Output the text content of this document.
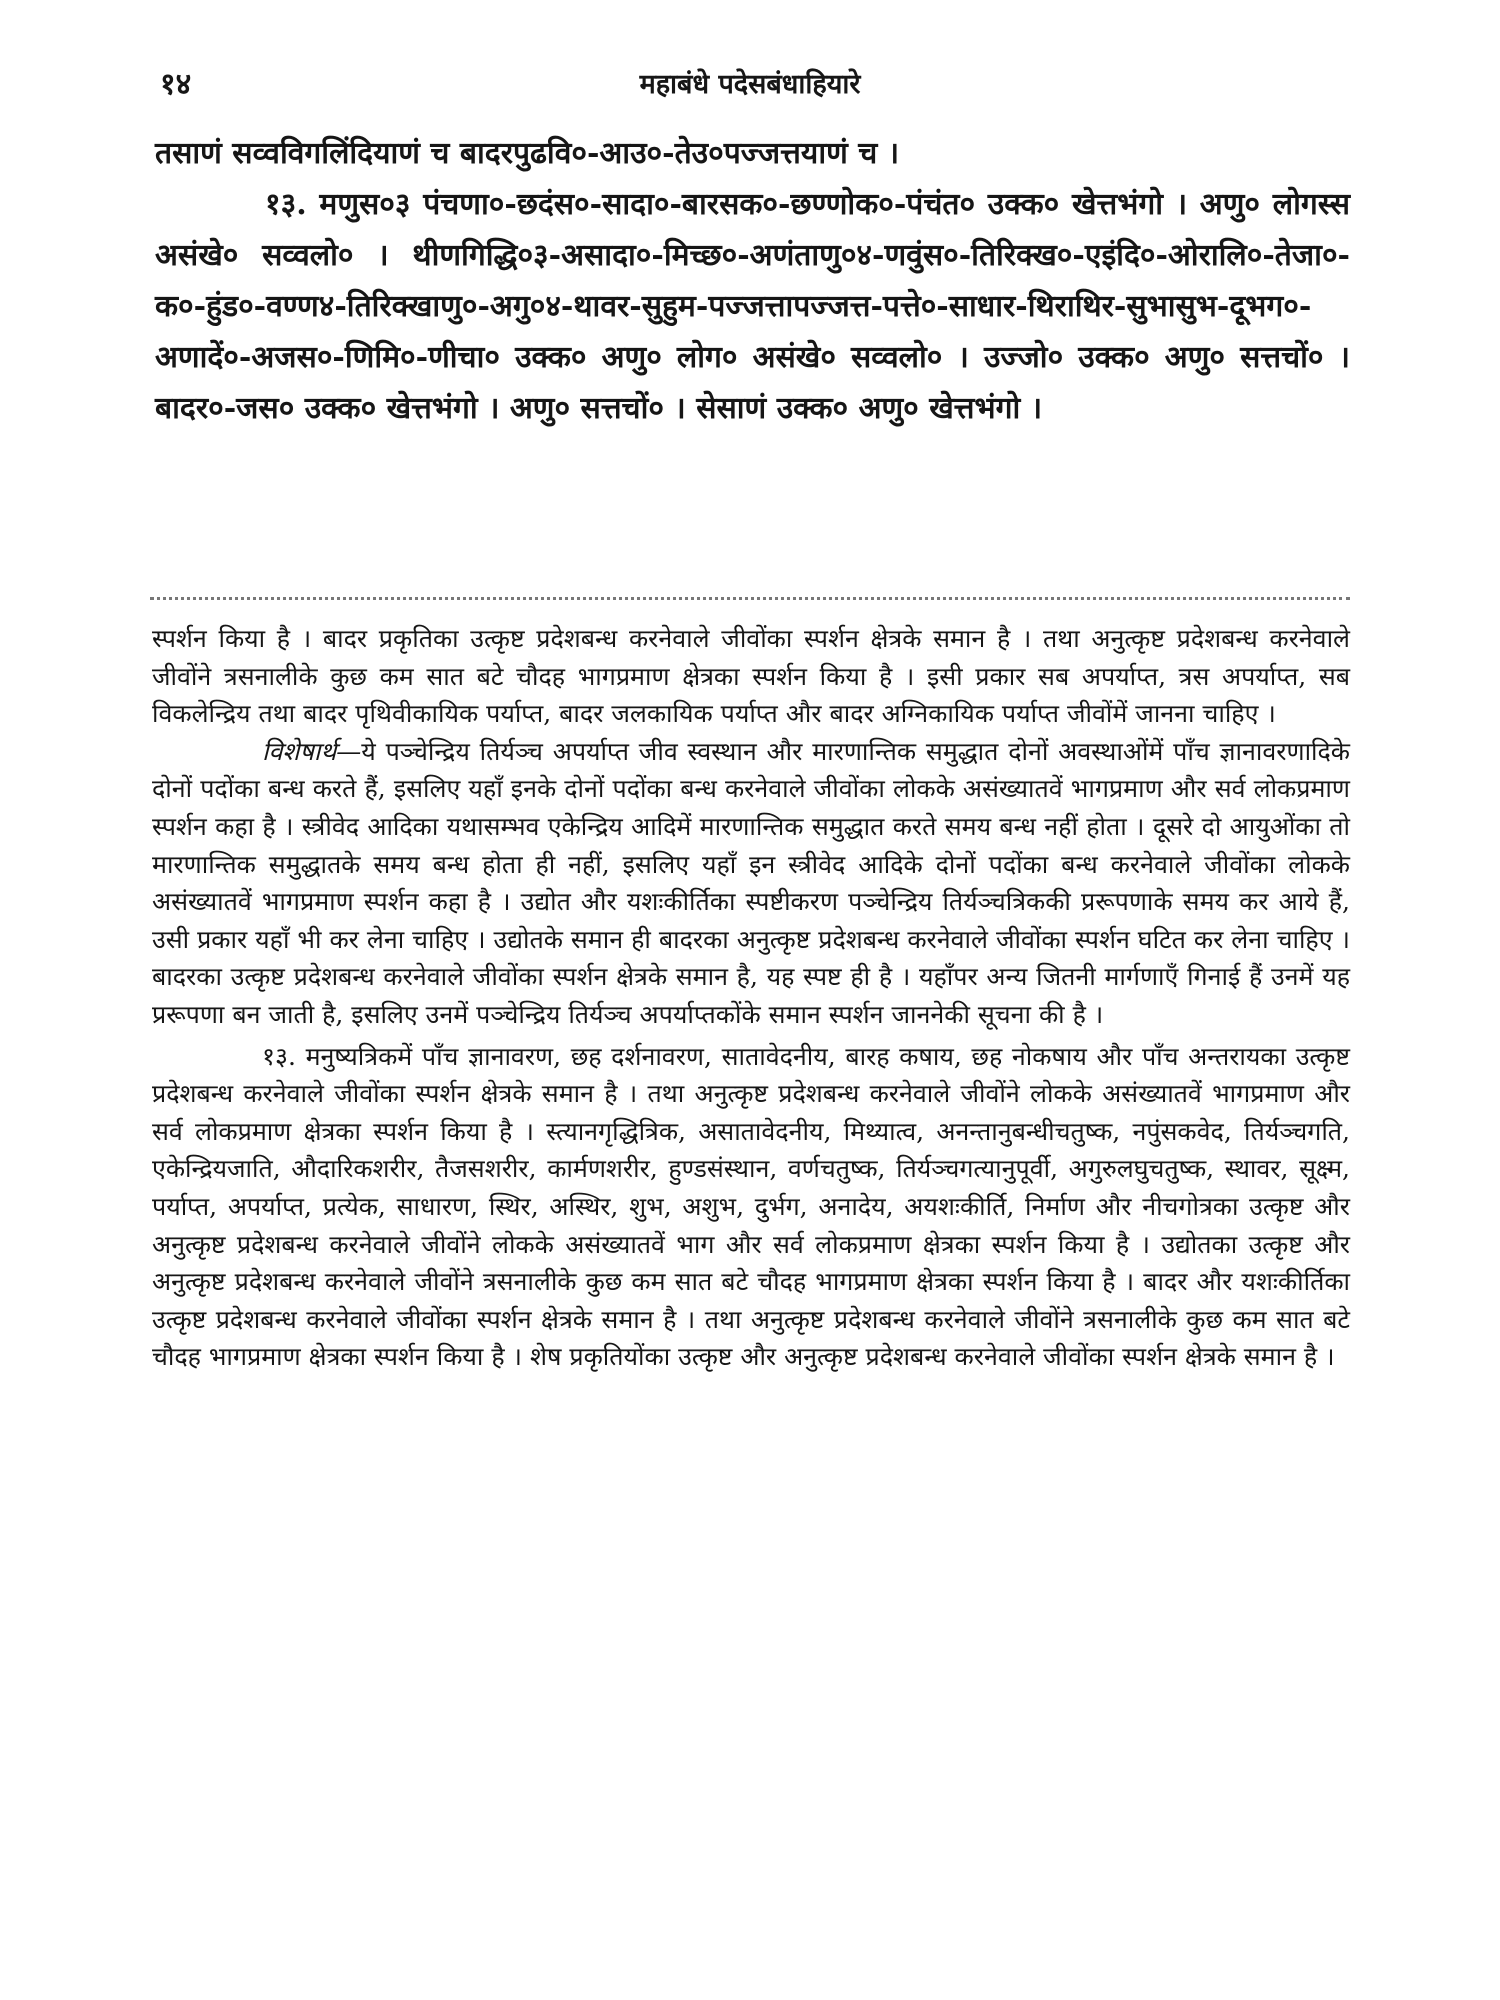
१४	महाबंधे पदेसबंधाहियारे

तसाणं सव्वविगलिंदियाणं च बादरपुढवि०-आउ०-तेउ०पज्जत्तयाणं च ।

१३. मणुस०३ पंचणा०-छदंस०-सादा०-बारसक०-छण्णोक०-पंचंत० उक्क० खेत्तभंगो । अणु० लोगस्स असंखे० सव्वलो० । थीणगिद्धि०३-असादा०-मिच्छ०-अणंताणु०४-णवुंस०-तिरिक्ख०-एइंदि०-ओरालि०-तेजा०-क०-हुंड०-वण्ण४-तिरिक्खाणु०-अगु०४-थावर-सुहुम-पज्जत्तापज्जत्त-पत्ते०-साधार-थिराथिर-सुभासुभ-दूभग०-अणादें०-अजस०-णिमि०-णीचा० उक्क० अणु० लोग० असंखे० सव्वलो० । उज्जो० उक्क० अणु० सत्तचों० । बादर०-जस० उक्क० खेत्तभंगो । अणु० सत्तचों० । सेसाणं उक्क० अणु० खेत्तभंगो ।

स्पर्शन किया है । बादर प्रकृतिका उत्कृष्ट प्रदेशबन्ध करनेवाले जीवोंका स्पर्शन क्षेत्रके समान है । तथा अनुत्कृष्ट प्रदेशबन्ध करनेवाले जीवोंने त्रसनालीके कुछ कम सात बटे चौदह भागप्रमाण क्षेत्रका स्पर्शन किया है । इसी प्रकार सब अपर्याप्त, त्रस अपर्याप्त, सब विकलेन्द्रिय तथा बादर पृथिवीकायिक पर्याप्त, बादर जलकायिक पर्याप्त और बादर अग्निकायिक पर्याप्त जीवोंमें जानना चाहिए ।

विशेषार्थ—ये पञ्चेन्द्रिय तिर्यञ्च अपर्याप्त जीव स्वस्थान और मारणान्तिक समुद्धात दोनों अवस्थाओंमें पाँच ज्ञानावरणादिके दोनों पदोंका बन्ध करते हैं, इसलिए यहाँ इनके दोनों पदोंका बन्ध करनेवाले जीवोंका लोकके असंख्यातवें भागप्रमाण और सर्व लोकप्रमाण स्पर्शन कहा है । स्त्रीवेद आदिका यथासम्भव एकेन्द्रिय आदिमें मारणान्तिक समुद्धात करते समय बन्ध नहीं होता । दूसरे दो आयुओंका तो मारणान्तिक समुद्धातके समय बन्ध होता ही नहीं, इसलिए यहाँ इन स्त्रीवेद आदिके दोनों पदोंका बन्ध करनेवाले जीवोंका लोकके असंख्यातवें भागप्रमाण स्पर्शन कहा है । उद्योत और यशःकीर्तिका स्पष्टीकरण पञ्चेन्द्रिय तिर्यञ्चत्रिककी प्ररूपणाके समय कर आये हैं, उसी प्रकार यहाँ भी कर लेना चाहिए । उद्योतके समान ही बादरका अनुत्कृष्ट प्रदेशबन्ध करनेवाले जीवोंका स्पर्शन घटित कर लेना चाहिए । बादरका उत्कृष्ट प्रदेशबन्ध करनेवाले जीवोंका स्पर्शन क्षेत्रके समान है, यह स्पष्ट ही है । यहाँपर अन्य जितनी मार्गणाएँ गिनाई हैं उनमें यह प्ररूपणा बन जाती है, इसलिए उनमें पञ्चेन्द्रिय तिर्यञ्च अपर्याप्तकोंके समान स्पर्शन जाननेकी सूचना की है ।

१३. मनुष्यत्रिकमें पाँच ज्ञानावरण, छह दर्शनावरण, सातावेदनीय, बारह कषाय, छह नोकषाय और पाँच अन्तरायका उत्कृष्ट प्रदेशबन्ध करनेवाले जीवोंका स्पर्शन क्षेत्रके समान है । तथा अनुत्कृष्ट प्रदेशबन्ध करनेवाले जीवोंने लोकके असंख्यातवें भागप्रमाण और सर्व लोकप्रमाण क्षेत्रका स्पर्शन किया है । स्त्यानगृद्धित्रिक, असातावेदनीय, मिथ्यात्व, अनन्तानुबन्धीचतुष्क, नपुंसकवेद, तिर्यञ्चगति, एकेन्द्रियजाति, औदारिकशरीर, तैजसशरीर, कार्मणशरीर, हुण्डसंस्थान, वर्णचतुष्क, तिर्यञ्चगत्यानुपूर्वी, अगुरुलघुचतुष्क, स्थावर, सूक्ष्म, पर्याप्त, अपर्याप्त, प्रत्येक, साधारण, स्थिर, अस्थिर, शुभ, अशुभ, दुर्भग, अनादेय, अयशःकीर्ति, निर्माण और नीचगोत्रका उत्कृष्ट और अनुत्कृष्ट प्रदेशबन्ध करनेवाले जीवोंने लोकके असंख्यातवें भाग और सर्व लोकप्रमाण क्षेत्रका स्पर्शन किया है । उद्योतका उत्कृष्ट और अनुत्कृष्ट प्रदेशबन्ध करनेवाले जीवोंने त्रसनालीके कुछ कम सात बटे चौदह भागप्रमाण क्षेत्रका स्पर्शन किया है । बादर और यशःकीर्तिका उत्कृष्ट प्रदेशबन्ध करनेवाले जीवोंका स्पर्शन क्षेत्रके समान है । तथा अनुत्कृष्ट प्रदेशबन्ध करनेवाले जीवोंने त्रसनालीके कुछ कम सात बटे चौदह भागप्रमाण क्षेत्रका स्पर्शन किया है । शेष प्रकृतियोंका उत्कृष्ट और अनुत्कृष्ट प्रदेशबन्ध करनेवाले जीवोंका स्पर्शन क्षेत्रके समान है ।
